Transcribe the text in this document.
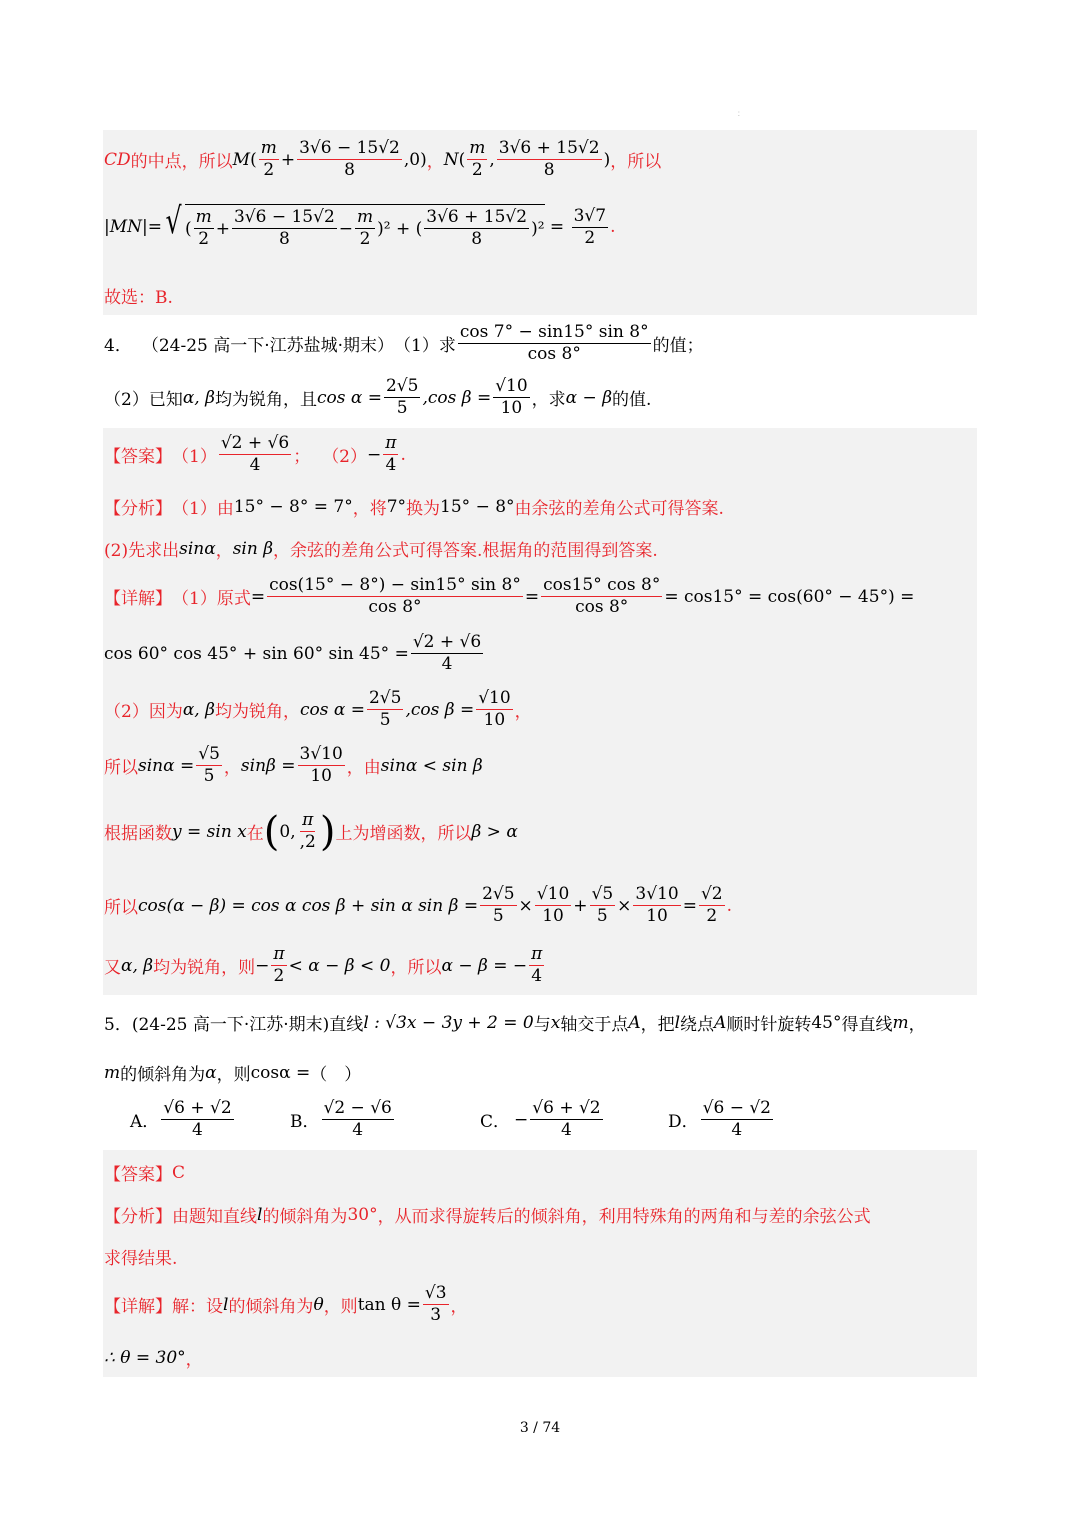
：
CD 的中点，所以 M ( $\frac{m}{2} + \frac{3√6 - 15√2}{8} ,0$) ， N ( $\frac{m}{2}$ , $\frac{3√6 + 15√2}{8}$ ) ，所以
|MN| = √ ( $\frac{m}{2} + \frac{3√6 - 15√2}{8} - \frac{m}{2} )^2$ + ( $\frac{3√6 + 15√2}{8} )^2 = \frac{3√7}{2}$ .
故选：B.
4． （24-25 高一下·江苏盐城·期末） （1）求 $\frac{\cos 7^\circ - \sin 15^\circ \sin 8^\circ}{\cos 8^\circ}$ 的值；
（2）已知 α, β 均为锐角，且 $\cos \alpha = \frac{2√5}{5} ,\cos$ $\beta = \frac{√10}{10}$ ，求 α − β 的值.
【答案】 $(1) \frac{√2 + √6}{4}$ ； $(2) - \frac{\pi}{4}$ .
【分析】 （1）由 15° − 8° = 7° ，将 7° 换为 15° − 8° 由余弦的差角公式可得答案.
(2)先求出 sinα ， sin β ，余弦的差角公式可得答案.根据角的范围得到答案.
【详解】 （1）原式 = $\frac{\cos(15^\circ - 8^\circ) - \sin 15^\circ \sin 8^\circ}{\cos 8^\circ} = \frac{\cos 15^\circ \cos 8^\circ}{\cos 8^\circ} = \cos 15^\circ = \cos(60^\circ - 45^\circ)$ =
cos 60° cos 45° + sin 60° $\sin 45^\circ = \frac{√2 + √6}{4}$
（2）因为 α, β 均为锐角， $\cos \alpha = \frac{2√5}{5} ,\cos$ $\beta = \frac{√10}{10}$ ，
所以 $\sin\alpha = \frac{√5}{5}$ ， $\sin\beta = \frac{3√10}{10}$ ，由 sinα < sin β
根据函数 y = sin x 在 ( 0, $\frac{\pi}{,2}$ ) 上为增函数，所以 β > α
所以 cos(α − β) = cos α cos β + sin α $\sin \beta = \frac{2√5}{5} \times \frac{√10}{10} + \frac{√5}{5} \times \frac{3√10}{10} = \frac{√2}{2}$ .
又 α, β 均为锐角，则 − $\frac{\pi}{2} < \alpha - \beta < 0$ ，所以 α − β = − $\frac{\pi}{4}$
5．(24-25 高一下·江苏·期末)直线 l : √3x − 3y + 2 = 0 与 x 轴交于点 A ，把 l 绕点 A 顺时针旋转 45° 得直线 m ，
m 的倾斜角为 α ，则 cosα = （　）
A． $\frac{√6 + √2}{4}$	B． $\frac{√2 - √6}{4}$	C． − $\frac{√6 + √2}{4}$	D． $\frac{√6 - √2}{4}$
【答案】 C
【分析】 由题知直线 l 的倾斜角为 30° ，从而求得旋转后的倾斜角，利用特殊角的两角和与差的余弦公式
求得结果.
【详解】 解：设 l 的倾斜角为 θ ，则 $\tan \theta = \frac{√3}{3}$ ，
∴ θ = 30° ，
3 / 74
